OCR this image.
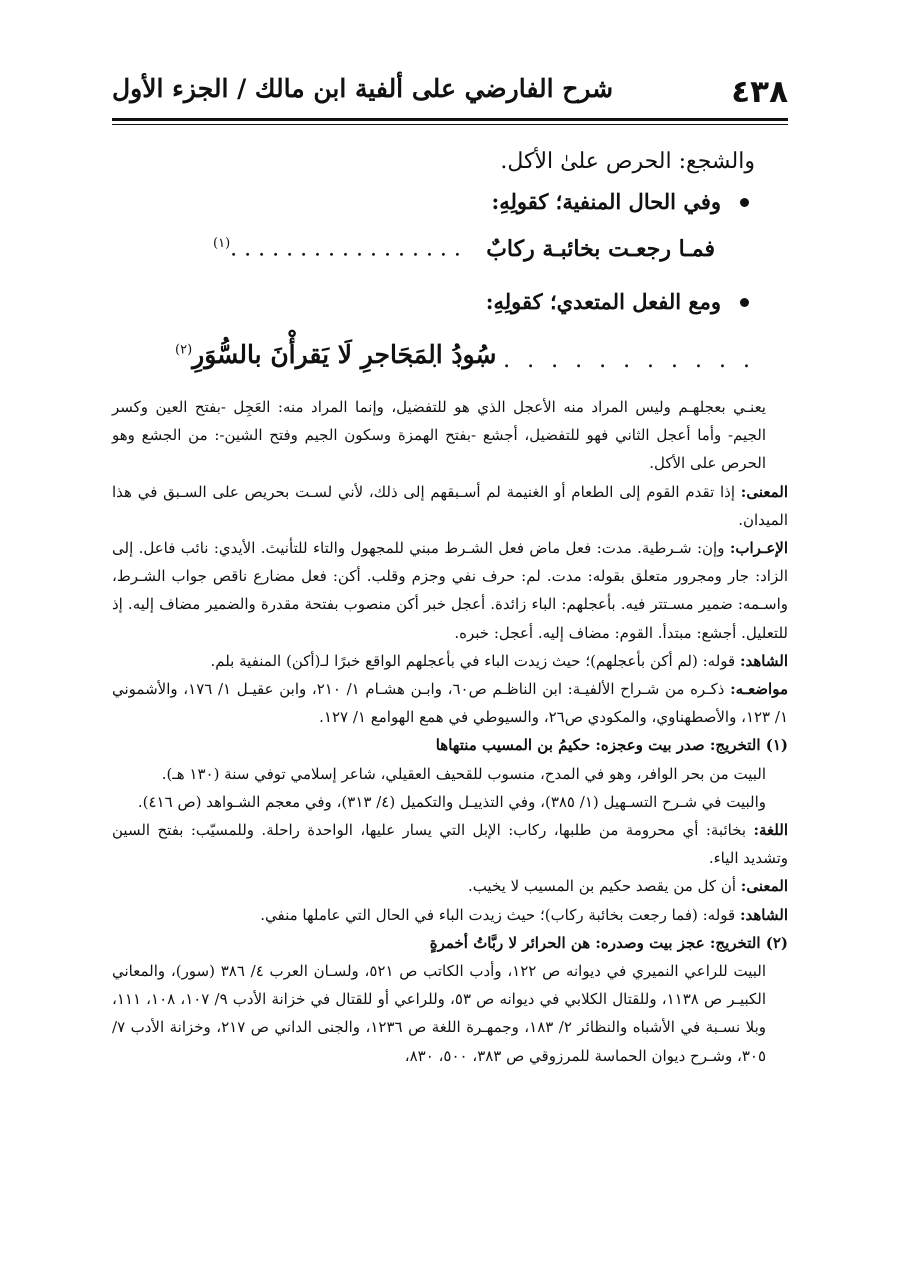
٤٣٨
شرح الفارضي على ألفية ابن مالك / الجزء الأول
والشجع: الحرص علىٰ الأكل.
وفي الحال المنفية؛ كقولِهِ:
فمـا رجعـت بخائبـة ركابٌ
. . . . . . . . . . . . . . . . .$^{(١)}$
ومع الفعل المتعدي؛ كقولِهِ:
. . . . . . . . . . . . . . .
سُودُ المَحَاجرِ لَا يَقرأْنَ بالسُّوَرِ$^{(٢)}$

يعنـي بعجلهـم وليس المراد منه الأعجل الذي هو للتفضيل، وإنما المراد منه: العَجِل -بفتح العين وكسر الجيم- وأما أعجل الثاني فهو للتفضيل، أجشع -بفتح الهمزة وسكون الجيم وفتح الشين-: من الجشع وهو الحرص على الأكل.

المعنى: إذا تقدم القوم إلى الطعام أو الغنيمة لم أسـبقهم إلى ذلك، لأني لسـت بحريص على السـبق في هذا الميدان.

الإعـراب: وإن: شـرطية. مدت: فعل ماض فعل الشـرط مبني للمجهول والتاء للتأنيث. الأيدي: نائب فاعل. إلى الزاد: جار ومجرور متعلق بقوله: مدت. لم: حرف نفي وجزم وقلب. أكن: فعل مضارع ناقص جواب الشـرط، واسـمه: ضمير مسـتتر فيه. بأعجلهم: الباء زائدة. أعجل خبر أكن منصوب بفتحة مقدرة والضمير مضاف إليه. إذ للتعليل. أجشع: مبتدأ. القوم: مضاف إليه. أعجل: خبره.

الشاهد: قوله: (لم أكن بأعجلهم)؛ حيث زيدت الباء في بأعجلهم الواقع خبرًا لـ(أكن) المنفية بلم.

مواضعـه: ذكـره من شـراح الألفيـة: ابن الناظـم ص٦٠، وابـن هشـام ١/ ٢١٠، وابن عقيـل ١/ ١٧٦، والأشموني ١/ ١٢٣، والأصطهناوي، والمكودي ص٢٦، والسيوطي في همع الهوامع ١/ ١٢٧.

(١) التخريج: صدر بيت وعجزه: حكيمُ بن المسيب منتهاها

البيت من بحر الوافر، وهو في المدح، منسوب للقحيف العقيلي، شاعر إسلامي توفي سنة (١٣٠ هـ).

والبيت في شـرح التسـهيل (١/ ٣٨٥)، وفي التذييـل والتكميل (٤/ ٣١٣)، وفي معجم الشـواهد (ص ٤١٦).

اللغة: بخائبة: أي محرومة من طلبها، ركاب: الإبل التي يسار عليها، الواحدة راحلة. وللمسيّب: بفتح السين وتشديد الياء.

المعنى: أن كل من يقصد حكيم بن المسيب لا يخيب.

الشاهد: قوله: (فما رجعت بخائبة ركاب)؛ حيث زيدت الباء في الحال التي عاملها منفي.

(٢) التخريج: عجز بيت وصدره: هن الحرائر لا ربَّاتُ أخمرةٍ

البيت للراعي النميري في ديوانه ص ١٢٢، وأدب الكاتب ص ٥٢١، ولسـان العرب ٤/ ٣٨٦ (سور)، والمعاني الكبيـر ص ١١٣٨، وللقتال الكلابي في ديوانه ص ٥٣، وللراعي أو للقتال في خزانة الأدب ٩/ ١٠٧، ١٠٨، ١١١، وبلا نسـبة في الأشباه والنظائر ٢/ ١٨٣، وجمهـرة اللغة ص ١٢٣٦، والجنى الداني ص ٢١٧، وخزانة الأدب ٧/ ٣٠٥، وشـرح ديوان الحماسة للمرزوقي ص ٣٨٣، ٥٠٠، ٨٣٠،
